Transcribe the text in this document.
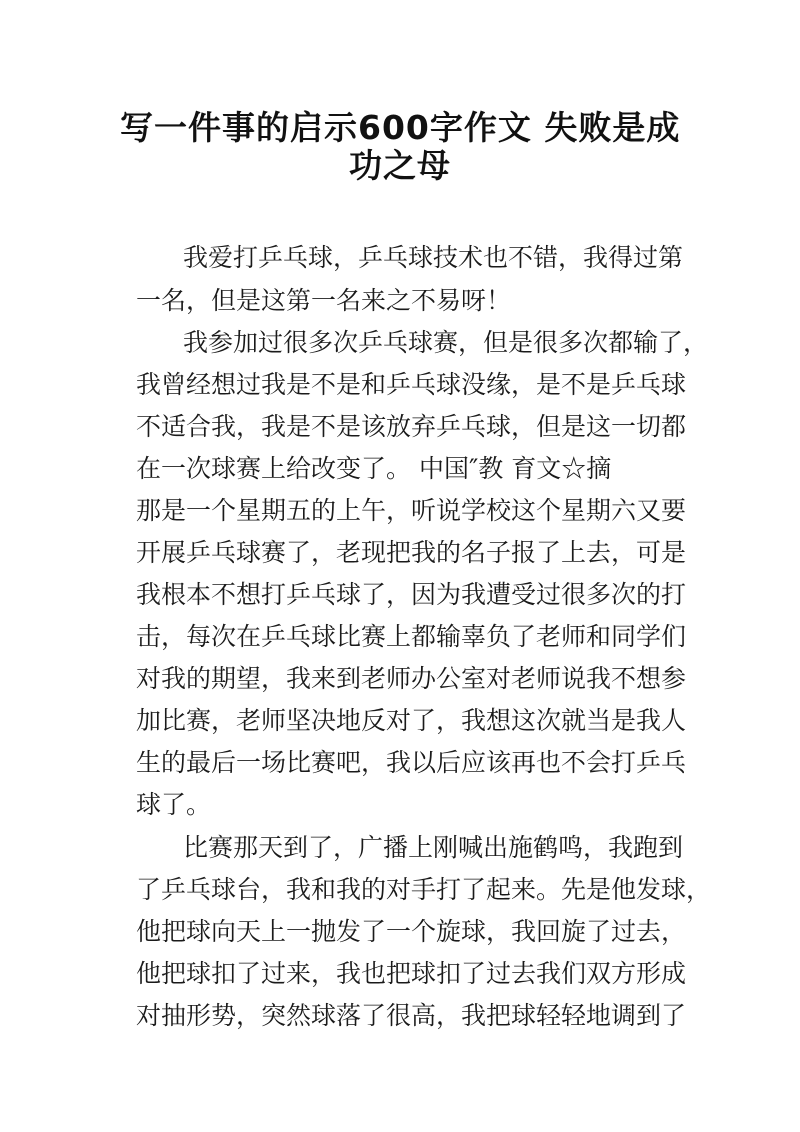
写一件事的启示600字作文 失败是成
功之母
我爱打乒乓球，乒乓球技术也不错，我得过第
一名，但是这第一名来之不易呀！
我参加过很多次乒乓球赛，但是很多次都输了，
我曾经想过我是不是和乒乓球没缘，是不是乒乓球
不适合我，我是不是该放弃乒乓球，但是这一切都
在一次球赛上给改变了。 中国″教 育文☆摘
那是一个星期五的上午，听说学校这个星期六又要
开展乒乓球赛了，老现把我的名子报了上去，可是
我根本不想打乒乓球了，因为我遭受过很多次的打
击，每次在乒乓球比赛上都输辜负了老师和同学们
对我的期望，我来到老师办公室对老师说我不想参
加比赛，老师坚决地反对了，我想这次就当是我人
生的最后一场比赛吧，我以后应该再也不会打乒乓
球了。
比赛那天到了，广播上刚喊出施鹤鸣，我跑到
了乒乓球台，我和我的对手打了起来。先是他发球，
他把球向天上一抛发了一个旋球，我回旋了过去，
他把球扣了过来，我也把球扣了过去我们双方形成
对抽形势，突然球落了很高，我把球轻轻地调到了
